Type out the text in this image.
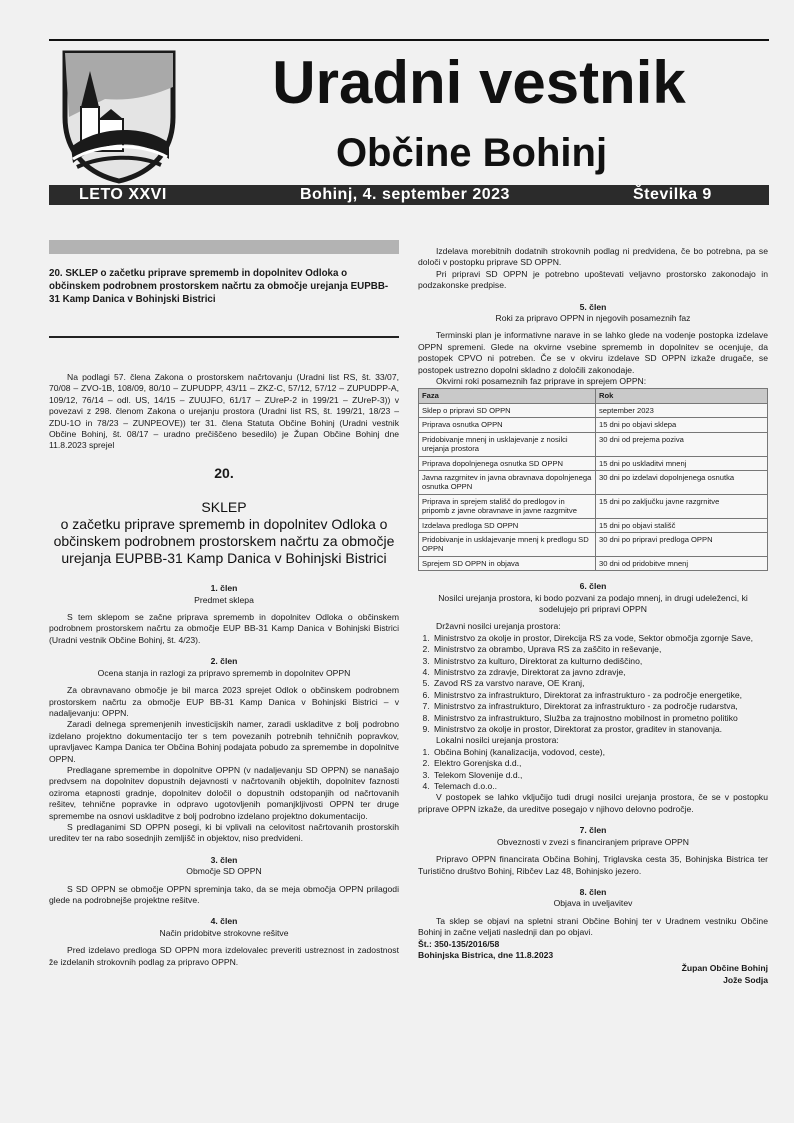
Uradni vestnik
Občine Bohinj
LETO XXVI	Bohinj, 4. september 2023	Številka 9
20. SKLEP o začetku priprave sprememb in dopolnitev Odloka o občinskem podrobnem prostorskem načrtu za območje urejanja EUPBB-31 Kamp Danica v Bohinjski Bistrici

Na podlagi 57. člena Zakona o prostorskem načrtovanju (Uradni list RS, št. 33/07, 70/08 – ZVO-1B, 108/09, 80/10 – ZUPUDPP, 43/11 – ZKZ-C, 57/12, 57/12 – ZUPUDPP-A, 109/12, 76/14 – odl. US, 14/15 – ZUUJFO, 61/17 – ZUreP-2 in 199/21 – ZUreP-3)) v povezavi z 298. členom Zakona o urejanju prostora (Uradni list RS, št. 199/21, 18/23 – ZDU-1O in 78/23 – ZUNPEOVE)) ter 31. člena Statuta Občine Bohinj (Uradni vestnik Občine Bohinj, št. 08/17 – uradno prečiščeno besedilo) je Župan Občine Bohinj dne 11.8.2023 sprejel

20.
SKLEP
o začetku priprave sprememb in dopolnitev Odloka o občinskem podrobnem prostorskem načrtu za območje urejanja EUPBB-31 Kamp Danica v Bohinjski Bistrici
1. člen
Predmet sklepa

S tem sklepom se začne priprava sprememb in dopolnitev Odloka o občinskem podrobnem prostorskem načrtu za območje EUP BB-31 Kamp Danica v Bohinjski Bistrici (Uradni vestnik Občine Bohinj, št. 4/23).

2. člen
Ocena stanja in razlogi za pripravo sprememb in dopolnitev OPPN

Za obravnavano območje je bil marca 2023 sprejet Odlok o občinskem podrobnem prostorskem načrtu za območje EUP BB-31 Kamp Danica v Bohinjski Bistrici – v nadaljevanju: OPPN.

Zaradi delnega spremenjenih investicijskih namer, zaradi uskladitve z bolj podrobno izdelano projektno dokumentacijo ter s tem povezanih potrebnih tehničnih popravkov, upravljavec Kampa Danica ter Občina Bohinj podajata pobudo za spremembe in dopolnitve OPPN.

Predlagane spremembe in dopolnitve OPPN (v nadaljevanju SD OPPN) se nanašajo predvsem na dopolnitev dopustnih dejavnosti v načrtovanih objektih, dopolnitev faznosti oziroma etapnosti gradnje, dopolnitev določil o dopustnih odstopanjih od načrtovanih rešitev, tehnične popravke in odpravo ugotovljenih pomanjkljivosti OPPN ter druge spremembe na osnovi uskladitve z bolj podrobno izdelano projektno dokumentacijo.

S predlaganimi SD OPPN posegi, ki bi vplivali na celovitost načrtovanih prostorskih ureditev ter na rabo sosednjih zemljišč in objektov, niso predvideni.

3. člen
Območje SD OPPN

S SD OPPN se območje OPPN spreminja tako, da se meja območja OPPN prilagodi glede na podrobnejše projektne rešitve.

4. člen
Način pridobitve strokovne rešitve

Pred izdelavo predloga SD OPPN mora izdelovalec preveriti ustreznost in zadostnost že izdelanih strokovnih podlag za pripravo OPPN.

Izdelava morebitnih dodatnih strokovnih podlag ni predvidena, če bo potrebna, pa se določi v postopku priprave SD OPPN.

Pri pripravi SD OPPN je potrebno upoštevati veljavno prostorsko zakonodajo in podzakonske predpise.

5. člen
Roki za pripravo OPPN in njegovih posameznih faz

Terminski plan je informativne narave in se lahko glede na vodenje postopka izdelave OPPN spremeni. Glede na okvirne vsebine sprememb in dopolnitev se ocenjuje, da postopek CPVO ni potreben. Če se v okviru izdelave SD OPPN izkaže drugače, se postopek ustrezno dopolni skladno z določili zakonodaje.

Okvirni roki posameznih faz priprave in sprejem OPPN:

Faza	Rok
Sklep o pripravi SD OPPN	september 2023
Priprava osnutka OPPN	15 dni po objavi sklepa
Pridobivanje mnenj in usklajevanje z nosilci urejanja prostora	30 dni od prejema poziva
Priprava dopolnjenega osnutka SD OPPN	15 dni po uskladitvi mnenj
Javna razgrnitev in javna obravnava dopolnjenega osnutka OPPN	30 dni po izdelavi dopolnjenega osnutka
Priprava in sprejem stališč do predlogov in pripomb z javne obravnave in javne razgrnitve	15 dni po zaključku javne razgrnitve
Izdelava predloga SD OPPN	15 dni po objavi stališč
Pridobivanje in usklajevanje mnenj k predlogu SD OPPN	30 dni po pripravi predloga OPPN
Sprejem SD OPPN in objava	30 dni od pridobitve mnenj
6. člen
Nosilci urejanja prostora, ki bodo pozvani za podajo mnenj, in drugi udeleženci, ki sodelujejo pri pripravi OPPN

Državni nosilci urejanja prostora:

1. Ministrstvo za okolje in prostor, Direkcija RS za vode, Sektor območja zgornje Save,
2. Ministrstvo za obrambo, Uprava RS za zaščito in reševanje,
3. Ministrstvo za kulturo, Direktorat za kulturno dediščino,
4. Ministrstvo za zdravje, Direktorat za javno zdravje,
5. Zavod RS za varstvo narave, OE Kranj,
6. Ministrstvo za infrastrukturo, Direktorat za infrastrukturo - za področje energetike,
7. Ministrstvo za infrastrukturo, Direktorat za infrastrukturo - za področje rudarstva,
8. Ministrstvo za infrastrukturo, Služba za trajnostno mobilnost in prometno politiko
9. Ministrstvo za okolje in prostor, Direktorat za prostor, graditev in stanovanja.

Lokalni nosilci urejanja prostora:

1. Občina Bohinj (kanalizacija, vodovod, ceste),
2. Elektro Gorenjska d.d.,
3. Telekom Slovenije d.d.,
4. Telemach d.o.o..

V postopek se lahko vključijo tudi drugi nosilci urejanja prostora, če se v postopku priprave OPPN izkaže, da ureditve posegajo v njihovo delovno področje.

7. člen
Obveznosti v zvezi s financiranjem priprave OPPN

Pripravo OPPN financirata Občina Bohinj, Triglavska cesta 35, Bohinjska Bistrica ter Turistično društvo Bohinj, Ribčev Laz 48, Bohinjsko jezero.

8. člen
Objava in uveljavitev

Ta sklep se objavi na spletni strani Občine Bohinj ter v Uradnem vestniku Občine Bohinj in začne veljati naslednji dan po objavi.

Št.: 350-135/2016/58
Bohinjska Bistrica, dne 11.8.2023
Župan Občine Bohinj
Jože Sodja
